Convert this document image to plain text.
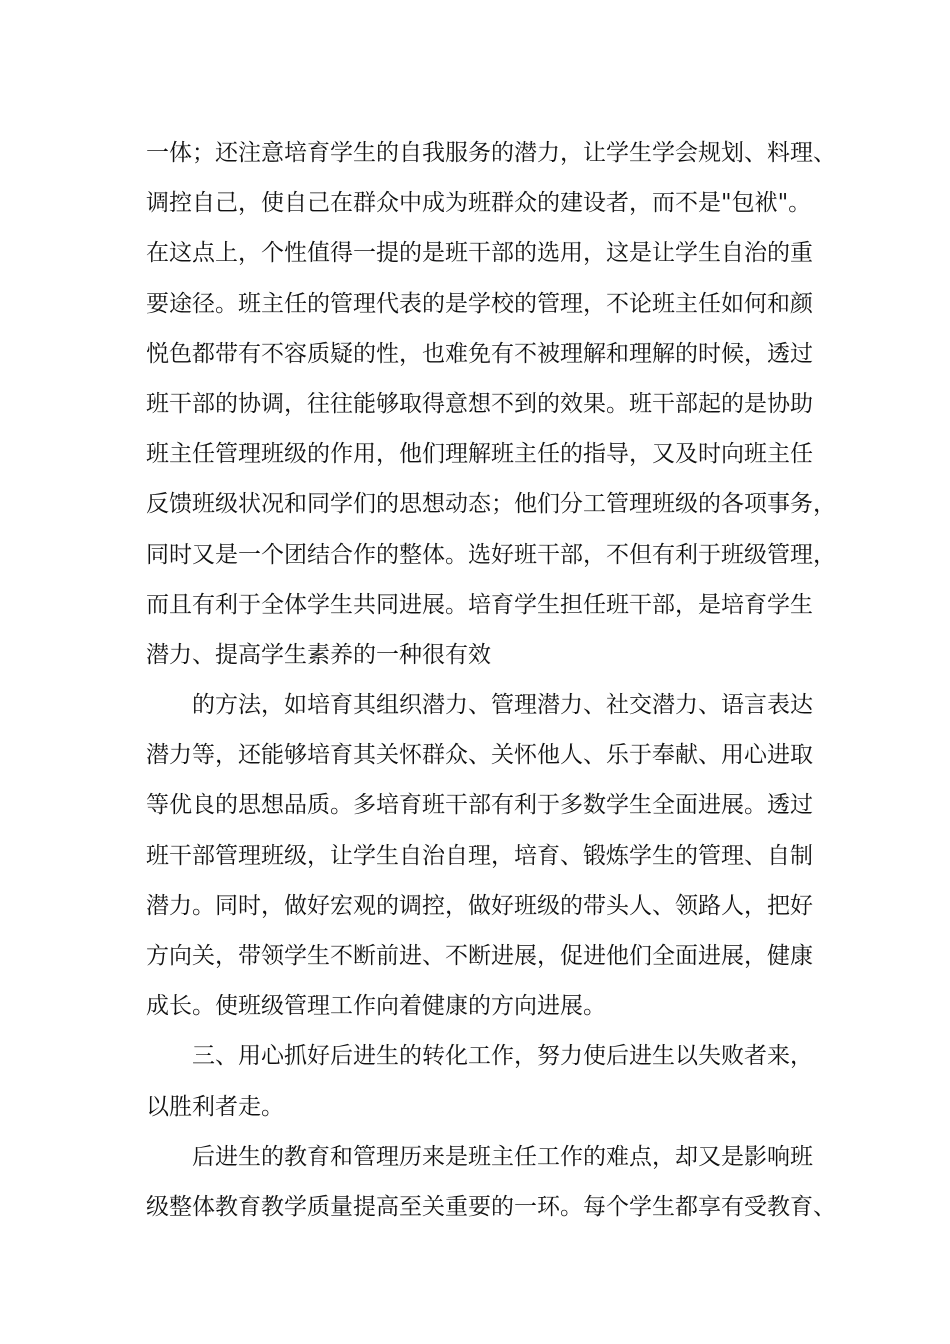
一体；还注意培育学生的自我服务的潜力，让学生学会规划、料理、
调控自己，使自己在群众中成为班群众的建设者，而不是"包袱"。
在这点上，个性值得一提的是班干部的选用，这是让学生自治的重
要途径。班主任的管理代表的是学校的管理，不论班主任如何和颜
悦色都带有不容质疑的性，也难免有不被理解和理解的时候，透过
班干部的协调，往往能够取得意想不到的效果。班干部起的是协助
班主任管理班级的作用，他们理解班主任的指导，又及时向班主任
反馈班级状况和同学们的思想动态；他们分工管理班级的各项事务，
同时又是一个团结合作的整体。选好班干部，不但有利于班级管理，
而且有利于全体学生共同进展。培育学生担任班干部，是培育学生
潜力、提高学生素养的一种很有效
的方法，如培育其组织潜力、管理潜力、社交潜力、语言表达
潜力等，还能够培育其关怀群众、关怀他人、乐于奉献、用心进取
等优良的思想品质。多培育班干部有利于多数学生全面进展。透过
班干部管理班级，让学生自治自理，培育、锻炼学生的管理、自制
潜力。同时，做好宏观的调控，做好班级的带头人、领路人，把好
方向关，带领学生不断前进、不断进展，促进他们全面进展，健康
成长。使班级管理工作向着健康的方向进展。
三、用心抓好后进生的转化工作，努力使后进生以失败者来，
以胜利者走。
后进生的教育和管理历来是班主任工作的难点，却又是影响班
级整体教育教学质量提高至关重要的一环。每个学生都享有受教育、
